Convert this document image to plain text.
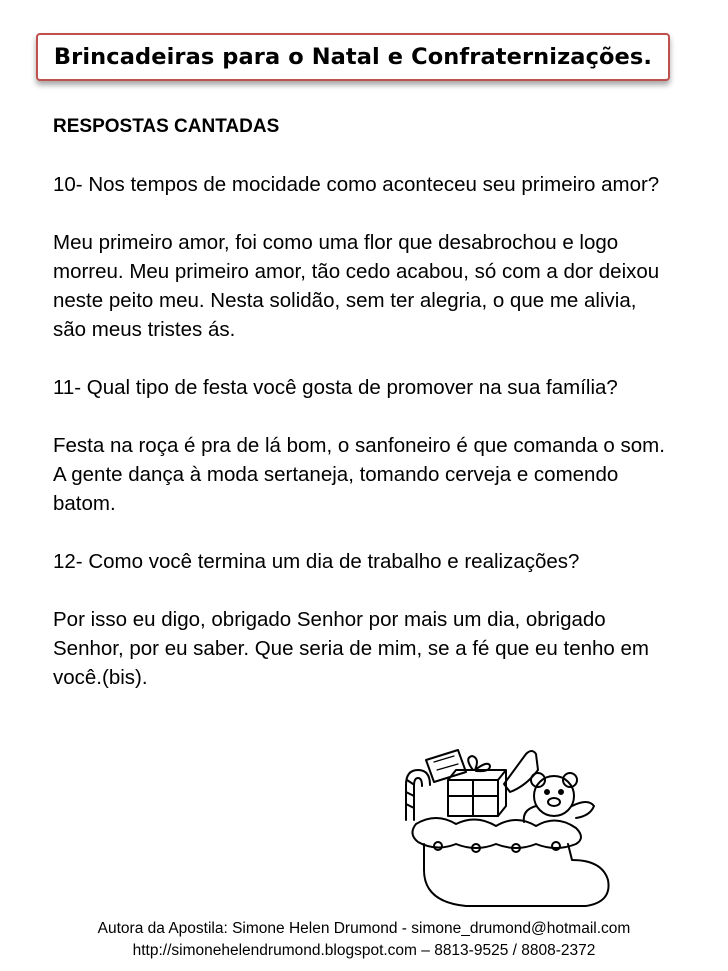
Brincadeiras para o Natal e Confraternizações.
RESPOSTAS CANTADAS

10- Nos tempos de mocidade como aconteceu seu primeiro amor?

Meu primeiro amor, foi como uma flor que desabrochou e logo morreu. Meu primeiro amor, tão cedo acabou, só com a dor deixou neste peito meu. Nesta solidão, sem ter alegria, o que me alivia, são meus tristes ás.

11- Qual tipo de festa você gosta de promover na sua família?

Festa na roça é pra de lá bom, o sanfoneiro é que comanda o som. A gente dança à moda sertaneja, tomando cerveja e comendo batom.

12- Como você termina um dia de trabalho e realizações?

Por isso eu digo, obrigado Senhor por mais um dia, obrigado Senhor, por eu saber. Que seria de mim, se a fé que eu tenho em você.(bis).

Autora da Apostila: Simone Helen Drumond - simone_drumond@hotmail.com
http://simonehelendrumond.blogspot.com – 8813-9525 / 8808-2372
